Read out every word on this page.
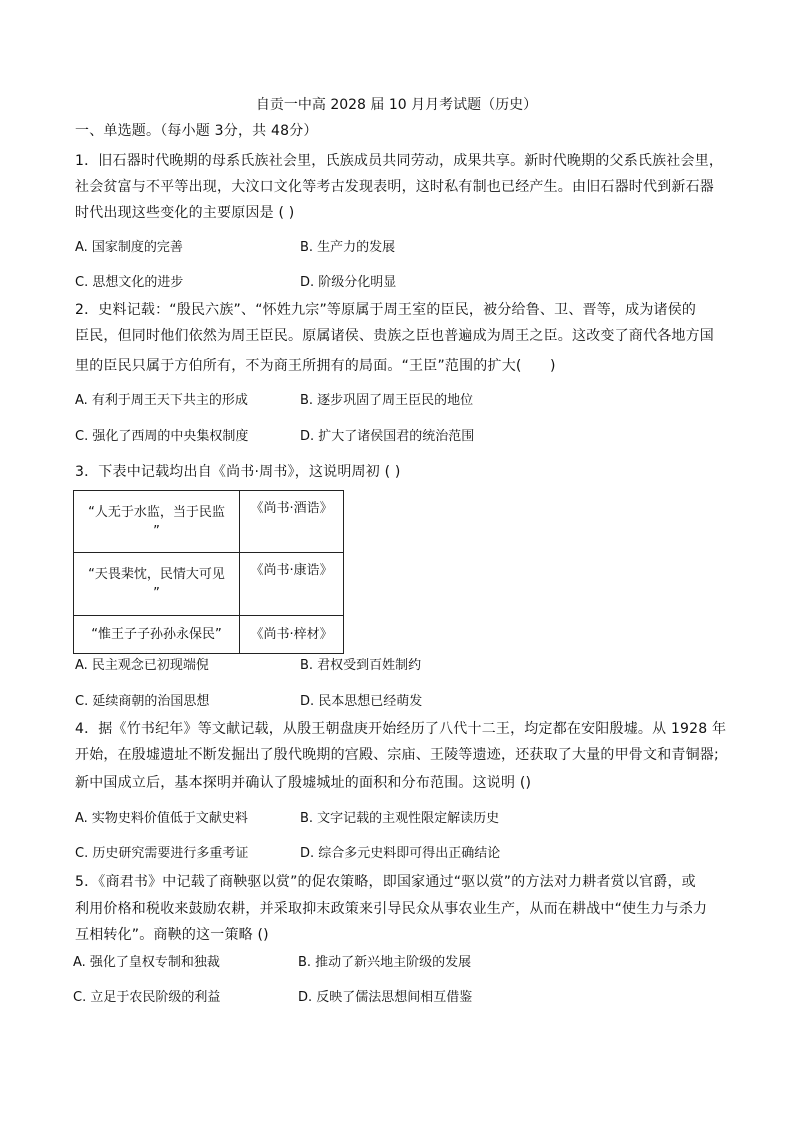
自贡一中高 2028 届 10 月月考试题（历史）
一、单选题。（每小题 3分，共 48分）
1．旧石器时代晚期的母系氏族社会里，氏族成员共同劳动，成果共享。新时代晚期的父系氏族社会里，
社会贫富与不平等出现，大汶口文化等考古发现表明，这时私有制也已经产生。由旧石器时代到新石器
时代出现这些变化的主要原因是 ( )
A. 国家制度的完善	B. 生产力的发展
C. 思想文化的进步	D. 阶级分化明显
2．史料记载：“殷民六族”、“怀姓九宗”等原属于周王室的臣民，被分给鲁、卫、晋等，成为诸侯的
臣民，但同时他们依然为周王臣民。原属诸侯、贵族之臣也普遍成为周王之臣。这改变了商代各地方国
里的臣民只属于方伯所有，不为商王所拥有的局面。“王臣”范围的扩大(　　)
A. 有利于周王天下共主的形成	B. 逐步巩固了周王臣民的地位
C. 强化了西周的中央集权制度	D. 扩大了诸侯国君的统治范围
3．下表中记载均出自《尚书·周书》，这说明周初 ( )
“人无于水监，当于民监
”	《尚书·酒诰》

“天畏棐忱，民情大可见
”	《尚书·康诰》

“惟王子子孙孙永保民”	《尚书·梓材》
A. 民主观念已初现端倪	B. 君权受到百姓制约
C. 延续商朝的治国思想	D. 民本思想已经萌发
4．据《竹书纪年》等文献记载，从殷王朝盘庚开始经历了八代十二王，均定都在安阳殷墟。从 1928 年
开始，在殷墟遗址不断发掘出了殷代晚期的宫殿、宗庙、王陵等遗迹，还获取了大量的甲骨文和青铜器;
新中国成立后，基本探明并确认了殷墟城址的面积和分布范围。这说明 ()
A. 实物史料价值低于文献史料	B. 文字记载的主观性限定解读历史
C. 历史研究需要进行多重考证	D. 综合多元史料即可得出正确结论
5．《商君书》中记载了商鞅驱以赏”的促农策略，即国家通过“驱以赏”的方法对力耕者赏以官爵，或
利用价格和税收来鼓励农耕，并采取抑末政策来引导民众从事农业生产，从而在耕战中“使生力与杀力
互相转化”。商鞅的这一策略 ()
A. 强化了皇权专制和独裁	B. 推动了新兴地主阶级的发展
C. 立足于农民阶级的利益	D. 反映了儒法思想间相互借鉴
